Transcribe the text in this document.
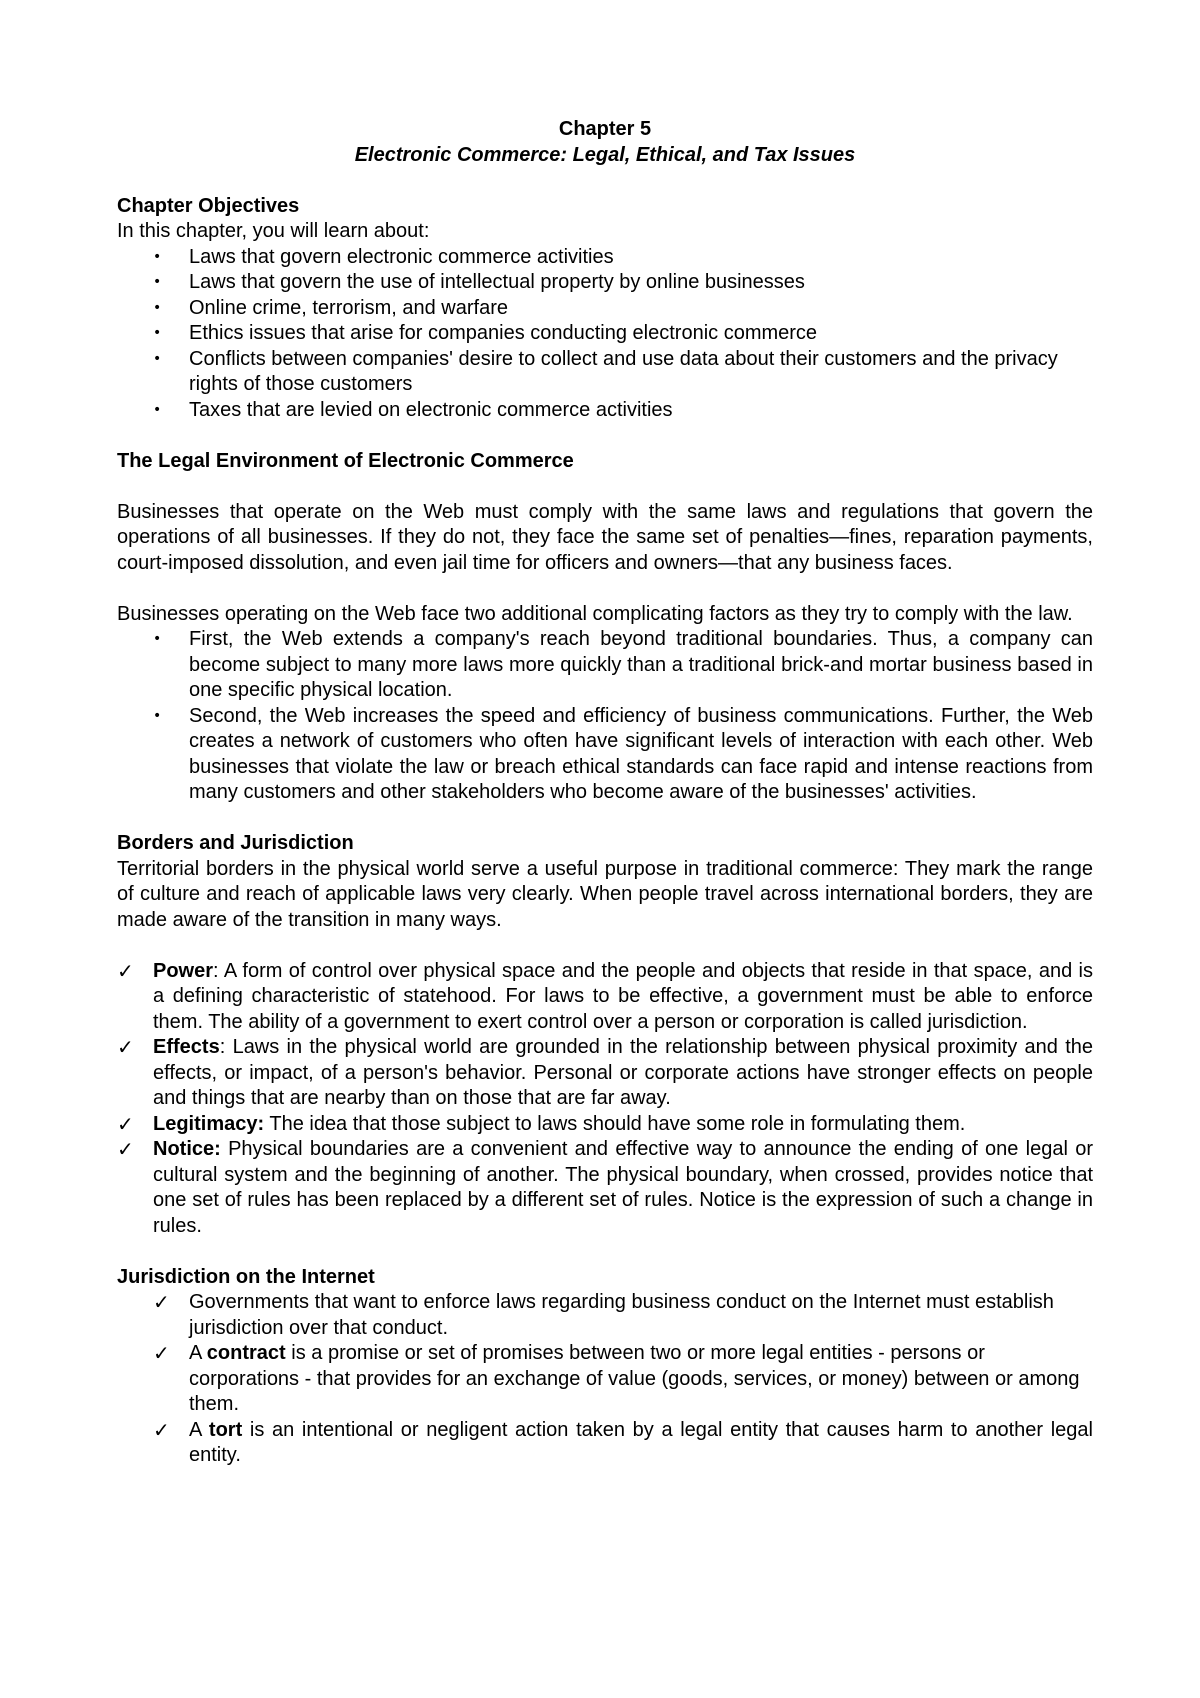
Chapter 5
Electronic Commerce: Legal, Ethical, and Tax Issues
Chapter Objectives
In this chapter, you will learn about:
• Laws that govern electronic commerce activities
• Laws that govern the use of intellectual property by online businesses
• Online crime, terrorism, and warfare
• Ethics issues that arise for companies conducting electronic commerce
• Conflicts between companies' desire to collect and use data about their customers and the privacy rights of those customers
• Taxes that are levied on electronic commerce activities
The Legal Environment of Electronic Commerce
Businesses that operate on the Web must comply with the same laws and regulations that govern the operations of all businesses. If they do not, they face the same set of penalties—fines, reparation payments, court-imposed dissolution, and even jail time for officers and owners—that any business faces.
Businesses operating on the Web face two additional complicating factors as they try to comply with the law.
• First, the Web extends a company's reach beyond traditional boundaries. Thus, a company can become subject to many more laws more quickly than a traditional brick-and mortar business based in one specific physical location.
• Second, the Web increases the speed and efficiency of business communications. Further, the Web creates a network of customers who often have significant levels of interaction with each other. Web businesses that violate the law or breach ethical standards can face rapid and intense reactions from many customers and other stakeholders who become aware of the businesses' activities.
Borders and Jurisdiction
Territorial borders in the physical world serve a useful purpose in traditional commerce: They mark the range of culture and reach of applicable laws very clearly. When people travel across international borders, they are made aware of the transition in many ways.
✓ Power: A form of control over physical space and the people and objects that reside in that space, and is a defining characteristic of statehood. For laws to be effective, a government must be able to enforce them. The ability of a government to exert control over a person or corporation is called jurisdiction.
✓ Effects: Laws in the physical world are grounded in the relationship between physical proximity and the effects, or impact, of a person's behavior. Personal or corporate actions have stronger effects on people and things that are nearby than on those that are far away.
✓ Legitimacy: The idea that those subject to laws should have some role in formulating them.
✓ Notice: Physical boundaries are a convenient and effective way to announce the ending of one legal or cultural system and the beginning of another. The physical boundary, when crossed, provides notice that one set of rules has been replaced by a different set of rules. Notice is the expression of such a change in rules.
Jurisdiction on the Internet
✓ Governments that want to enforce laws regarding business conduct on the Internet must establish jurisdiction over that conduct.
✓ A contract is a promise or set of promises between two or more legal entities - persons or corporations - that provides for an exchange of value (goods, services, or money) between or among them.
✓ A tort is an intentional or negligent action taken by a legal entity that causes harm to another legal entity.
